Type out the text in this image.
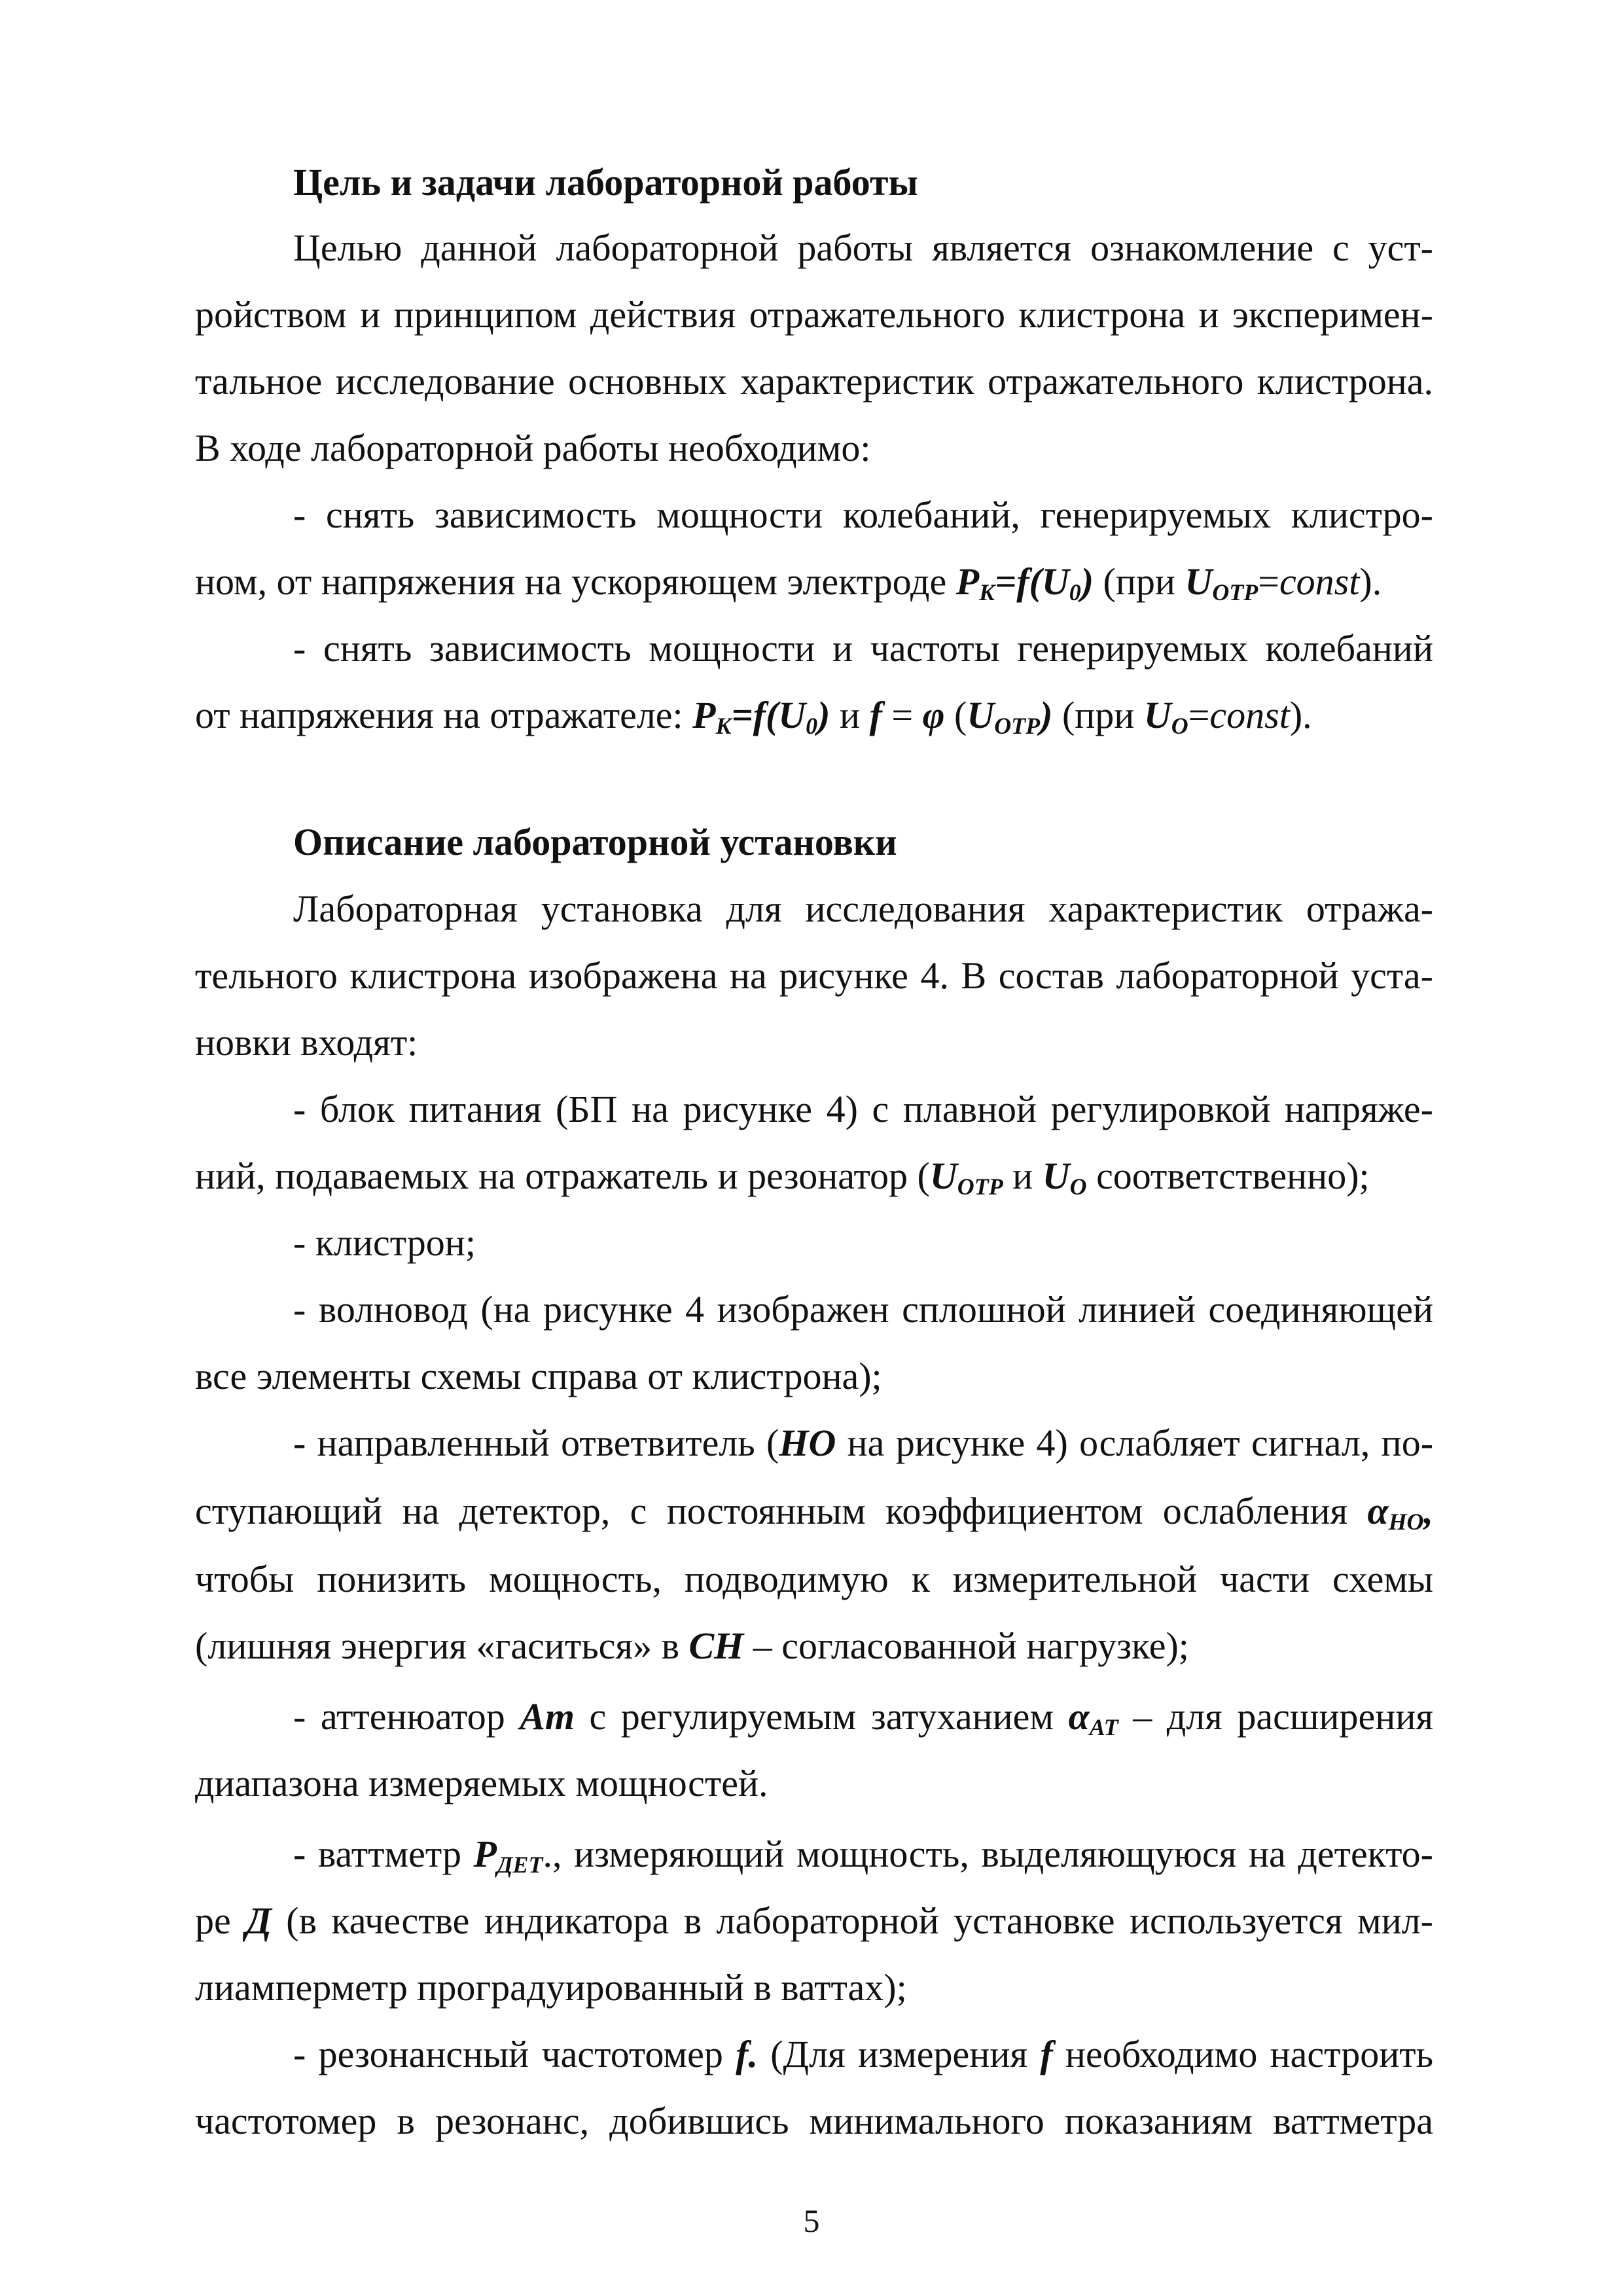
Цель и задачи лабораторной работы
Целью данной лабораторной работы является ознакомление с уст-
ройством и принципом действия отражательного клистрона и эксперимен-
тальное исследование основных характеристик отражательного клистрона.
В ходе лабораторной работы необходимо:
- снять зависимость мощности колебаний, генерируемых клистро-
ном, от напряжения на ускоряющем электроде $P_K=f(U_0)$ (при $U_{OTP}=const$).
- снять зависимость мощности и частоты генерируемых колебаний
от напряжения на отражателе: $P_K=f(U_0)$ и f = φ $(U_{OTP})$ (при $U_O=const$).
Описание лабораторной установки
Лабораторная установка для исследования характеристик отража-
тельного клистрона изображена на рисунке 4. В состав лабораторной уста-
новки входят:
- блок питания (БП на рисунке 4) с плавной регулировкой напряже-
ний, подаваемых на отражатель и резонатор ($U_{OTP}$ и $U_O$ соответственно);
- клистрон;
- волновод (на рисунке 4 изображен сплошной линией соединяющей
все элементы схемы справа от клистрона);
- направленный ответвитель (НО на рисунке 4) ослабляет сигнал, по-
ступающий на детектор, с постоянным коэффициентом ослабления $\alpha_{HO}$,
чтобы понизить мощность, подводимую к измерительной части схемы
(лишняя энергия «гаситься» в СН – согласованной нагрузке);
- аттенюатор Ат с регулируемым затуханием $\alpha_{AT}$ – для расширения
диапазона измеряемых мощностей.
- ваттметр $P_{ДЕТ}$., измеряющий мощность, выделяющуюся на детекто-
ре Д (в качестве индикатора в лабораторной установке используется мил-
лиамперметр проградуированный в ваттах);
- резонансный частотомер f. (Для измерения f необходимо настроить
частотомер в резонанс, добившись минимального показаниям ваттметра
5
